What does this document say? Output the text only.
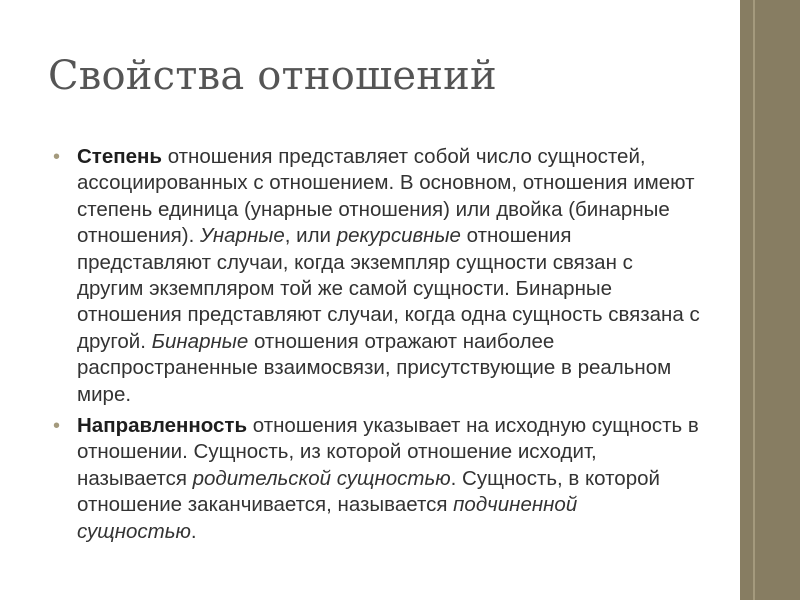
Свойства отношений
• Степень отношения представляет собой число сущностей, ассоциированных с отношением. В основном, отношения имеют степень единица (унарные отношения) или двойка (бинарные отношения). Унарные, или рекурсивные отношения представляют случаи, когда экземпляр сущности связан с другим экземпляром той же самой сущности. Бинарные отношения представляют случаи, когда одна сущность связана с другой. Бинарные отношения отражают наиболее распространенные взаимосвязи, присутствующие в реальном мире.
• Направленность отношения указывает на исходную сущность в отношении. Сущность, из которой отношение исходит, называется родительской сущностью. Сущность, в которой отношение заканчивается, называется подчиненной сущностью.
